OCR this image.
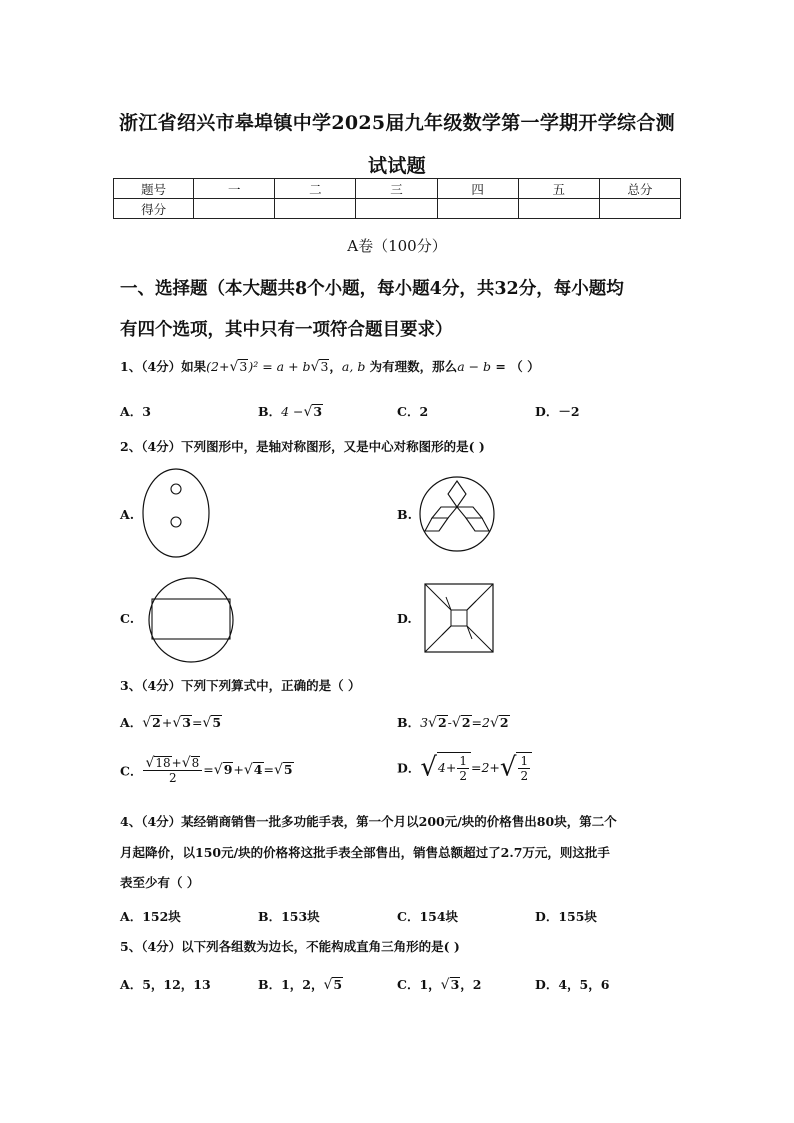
浙江省绍兴市皋埠镇中学2025届九年级数学第一学期开学综合测
试试题
题号	一	二	三	四	五	总分
得分						
A卷（100分）
一、选择题（本大题共8个小题，每小题4分，共32分，每小题均
有四个选项，其中只有一项符合题目要求）
1、（4分）如果(2+√3)² = a + b√3，a, b 为有理数，那么a − b = （ ）
A．3	B．4 −√3	C．2	D．－2
2、（4分）下列图形中，是轴对称图形，又是中心对称图形的是( )
A.	B.
C.	D.
3、（4分）下列下列算式中，正确的是（ ）
A．√2+√3=√5	B．3√2-√2=2√2
C． $\frac{√18+√8}{2} =√9+√4=√5$	D．$√4+ \frac{1}{2} =2+√ \frac{1}{2}$
4、（4分）某经销商销售一批多功能手表，第一个月以200元/块的价格售出80块，第二个
月起降价，以150元/块的价格将这批手表全部售出，销售总额超过了2.7万元，则这批手
表至少有（ ）
A．152块	B．153块	C．154块	D．155块
5、（4分）以下列各组数为边长，不能构成直角三角形的是( )
A．5，12，13	B．1，2，√5	C．1，√3，2	D．4，5，6
